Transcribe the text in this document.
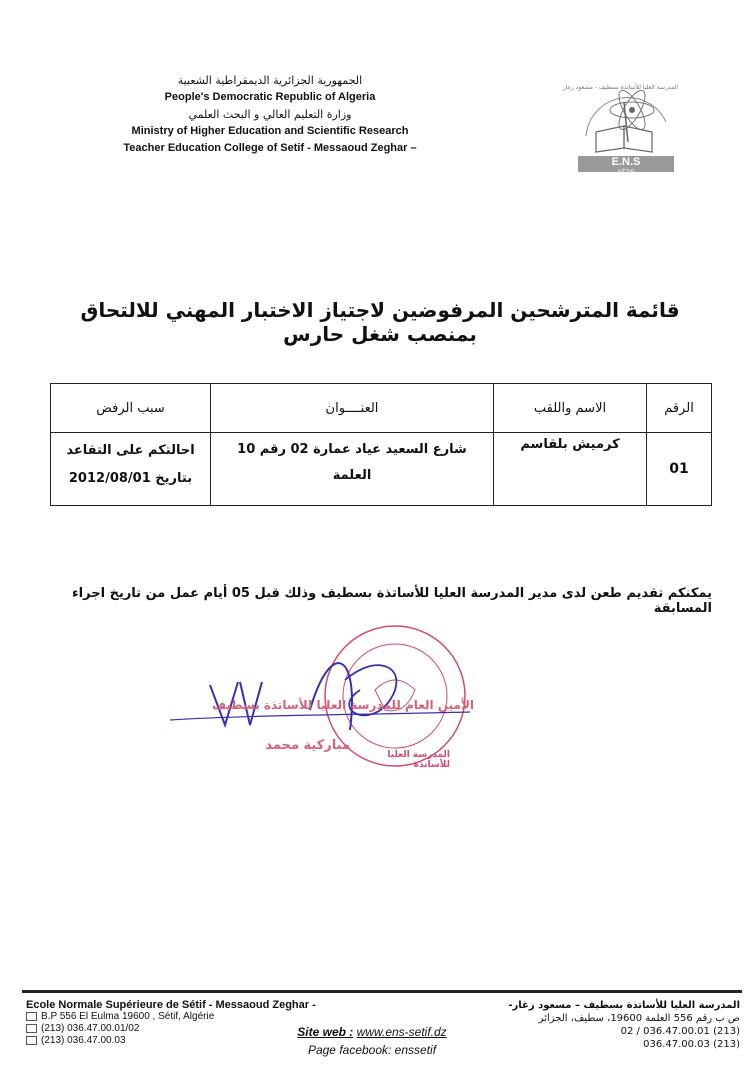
الجمهورية الجزائرية الديمقراطية الشعبية
People's Democratic Republic of Algeria
وزارة التعليم العالي و البحث العلمي
Ministry of Higher Education and Scientific Research
Teacher Education College of Setif - Messaoud Zeghar –
E.N.S
المدرسة العليا للأساتذة بسطيف - مسعود زغار
SÉTIF
قائمة المترشحين المرفوضين لاجتياز الاختبار المهني للالتحاق بمنصب شغل حارس
الرقم	الاسم واللقب	العنــــوان	سبب الرفض
01	كرميش بلقاسم	شارع السعيد عياد عمارة 02 رقم 10 العلمة	احالتكم على التقاعد بتاريخ 2012/08/01
يمكنكم تقديم طعن لدى مدير المدرسة العليا للأساتذة بسطيف وذلك قبل 05 أيام عمل من تاريخ اجراء المسابقة
الأمين العام للمدرسة العليا للأساتذة بسطيف
مباركية محمد
المدرسة العليا للأساتذة
Ecole Normale Supérieure de Sétif - Messaoud Zeghar -
B.P 556 El Eulma 19600 , Sétif, Algérie
(213) 036.47.00.01/02
(213) 036.47.00.03
Site web : www.ens-setif.dz
Page facebook: enssetif
المدرسة العليا للأساتذة بسطيف – مسعود زغار-
ص ب رقم 556 العلمة 19600، سطيف، الجزائر
(213) 036.47.00.01 / 02
(213) 036.47.00.03
